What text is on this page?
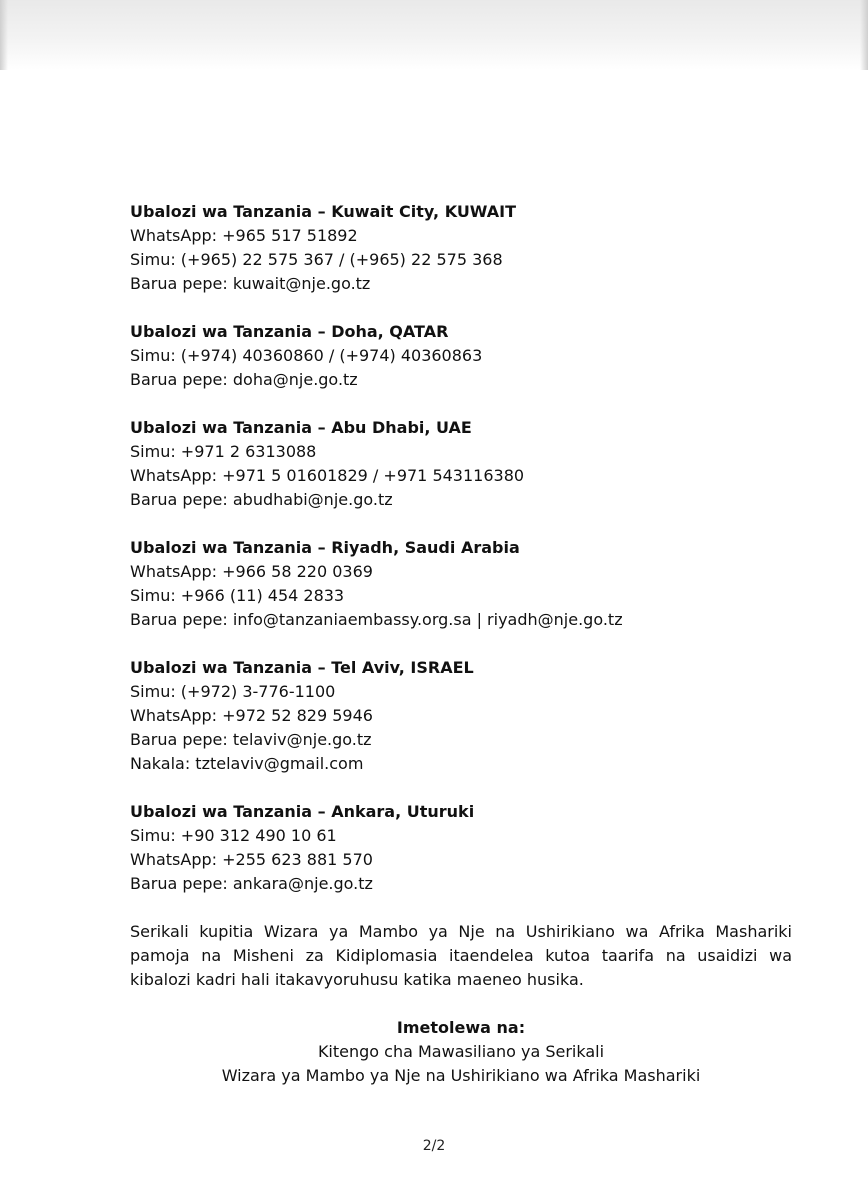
Ubalozi wa Tanzania – Kuwait City, KUWAIT
WhatsApp: +965 517 51892
Simu: (+965) 22 575 367 / (+965) 22 575 368
Barua pepe: kuwait@nje.go.tz
Ubalozi wa Tanzania – Doha, QATAR
Simu: (+974) 40360860 / (+974) 40360863
Barua pepe: doha@nje.go.tz
Ubalozi wa Tanzania – Abu Dhabi, UAE
Simu: +971 2 6313088
WhatsApp: +971 5 01601829 / +971 543116380
Barua pepe: abudhabi@nje.go.tz
Ubalozi wa Tanzania – Riyadh, Saudi Arabia
WhatsApp: +966 58 220 0369
Simu: +966 (11) 454 2833
Barua pepe: info@tanzaniaembassy.org.sa | riyadh@nje.go.tz
Ubalozi wa Tanzania – Tel Aviv, ISRAEL
Simu: (+972) 3-776-1100
WhatsApp: +972 52 829 5946
Barua pepe: telaviv@nje.go.tz
Nakala: tztelaviv@gmail.com
Ubalozi wa Tanzania – Ankara, Uturuki
Simu: +90 312 490 10 61
WhatsApp: +255 623 881 570
Barua pepe: ankara@nje.go.tz

Serikali kupitia Wizara ya Mambo ya Nje na Ushirikiano wa Afrika Mashariki pamoja na Misheni za Kidiplomasia itaendelea kutoa taarifa na usaidizi wa kibalozi kadri hali itakavyoruhusu katika maeneo husika.

Imetolewa na:
Kitengo cha Mawasiliano ya Serikali
Wizara ya Mambo ya Nje na Ushirikiano wa Afrika Mashariki
2/2
